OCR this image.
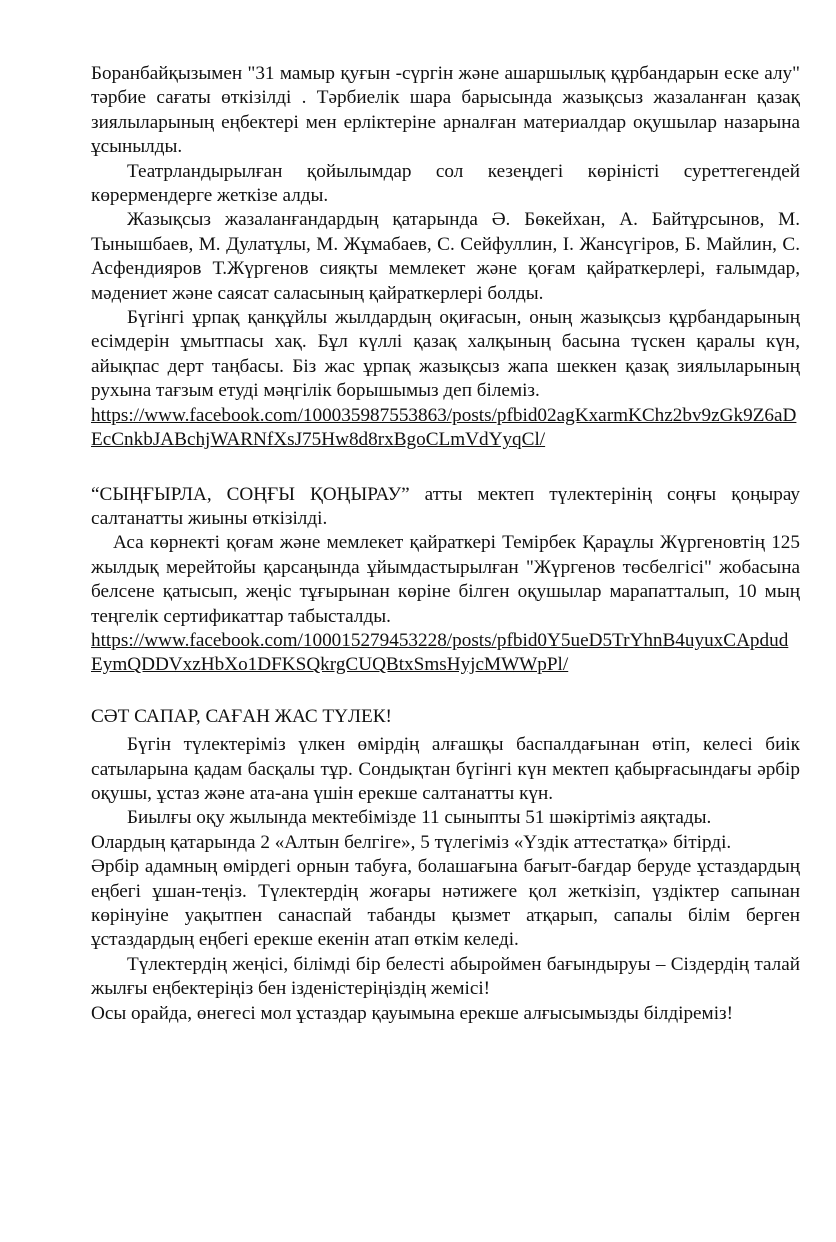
Боранбайқызымен "31 мамыр қуғын -сүргін және ашаршылық құрбандарын еске алу" тәрбие сағаты өткізілді . Тәрбиелік шара барысында жазықсыз жазаланған қазақ зиялыларының еңбектері мен ерліктеріне арналған материалдар оқушылар назарына ұсынылды.

Театрландырылған қойылымдар сол кезеңдегі көріністі суреттегендей көрермендерге жеткізе алды.

Жазықсыз жазаланғандардың қатарында Ә. Бөкейхан, А. Байтұрсынов, М. Тынышбаев, М. Дулатұлы, М. Жұмабаев, С. Сейфуллин, І. Жансүгіров, Б. Майлин, С. Асфендияров Т.Жүргенов сияқты мемлекет және қоғам қайраткерлері, ғалымдар, мәдениет және саясат саласының қайраткерлері болды.

Бүгінгі ұрпақ қанқұйлы жылдардың оқиғасын, оның жазықсыз құрбандарының есімдерін ұмытпасы хақ. Бұл күллі қазақ халқының басына түскен қаралы күн, айықпас дерт таңбасы. Біз жас ұрпақ жазықсыз жапа шеккен қазақ зиялыларының рухына тағзым етуді мәңгілік борышымыз деп білеміз.

https://www.facebook.com/100035987553863/posts/pfbid02agKxarmKChz2bv9zGk9Z6aDEcCnkbJABchjWARNfXsJ75Hw8d8rxBgoCLmVdYyqCl/

“СЫҢҒЫРЛА, СОҢҒЫ ҚОҢЫРАУ” атты мектеп түлектерінің соңғы қоңырау салтанатты жиыны өткізілді.

Аса көрнекті қоғам және мемлекет қайраткері Темірбек Қараұлы Жүргеновтің 125 жылдық мерейтойы қарсаңында ұйымдастырылған "Жүргенов төсбелгісі" жобасына белсене қатысып, жеңіс тұғырынан көріне білген оқушылар марапатталып, 10 мың теңгелік сертификаттар табысталды.

https://www.facebook.com/100015279453228/posts/pfbid0Y5ueD5TrYhnB4uyuxCApdudEymQDDVxzHbXo1DFKSQkrgCUQBtxSmsHyjcMWWpPl/

СӘТ САПАР, САҒАН ЖАС ТҮЛЕК!

Бүгін түлектеріміз үлкен өмірдің алғашқы баспалдағынан өтіп, келесі биік сатыларына қадам басқалы тұр. Сондықтан бүгінгі күн мектеп қабырғасындағы әрбір оқушы, ұстаз және ата-ана үшін ерекше салтанатты күн.

Биылғы оқу жылында мектебімізде 11 сыныпты 51 шәкіртіміз аяқтады.

Олардың қатарында 2 «Алтын белгіге», 5 түлегіміз «Үздік аттестатқа» бітірді.

Әрбір адамның өмірдегі орнын табуға, болашағына бағыт-бағдар беруде ұстаздардың еңбегі ұшан-теңіз. Түлектердің жоғары нәтижеге қол жеткізіп, үздіктер сапынан көрінуіне уақытпен санаспай табанды қызмет атқарып, сапалы білім берген ұстаздардың еңбегі ерекше екенін атап өткім келеді.

Түлектердің жеңісі, білімді бір белесті абыроймен бағындыруы – Сіздердің талай жылғы еңбектеріңіз бен ізденістеріңіздің жемісі!

Осы орайда, өнегесі мол ұстаздар қауымына ерекше алғысымызды білдіреміз!
